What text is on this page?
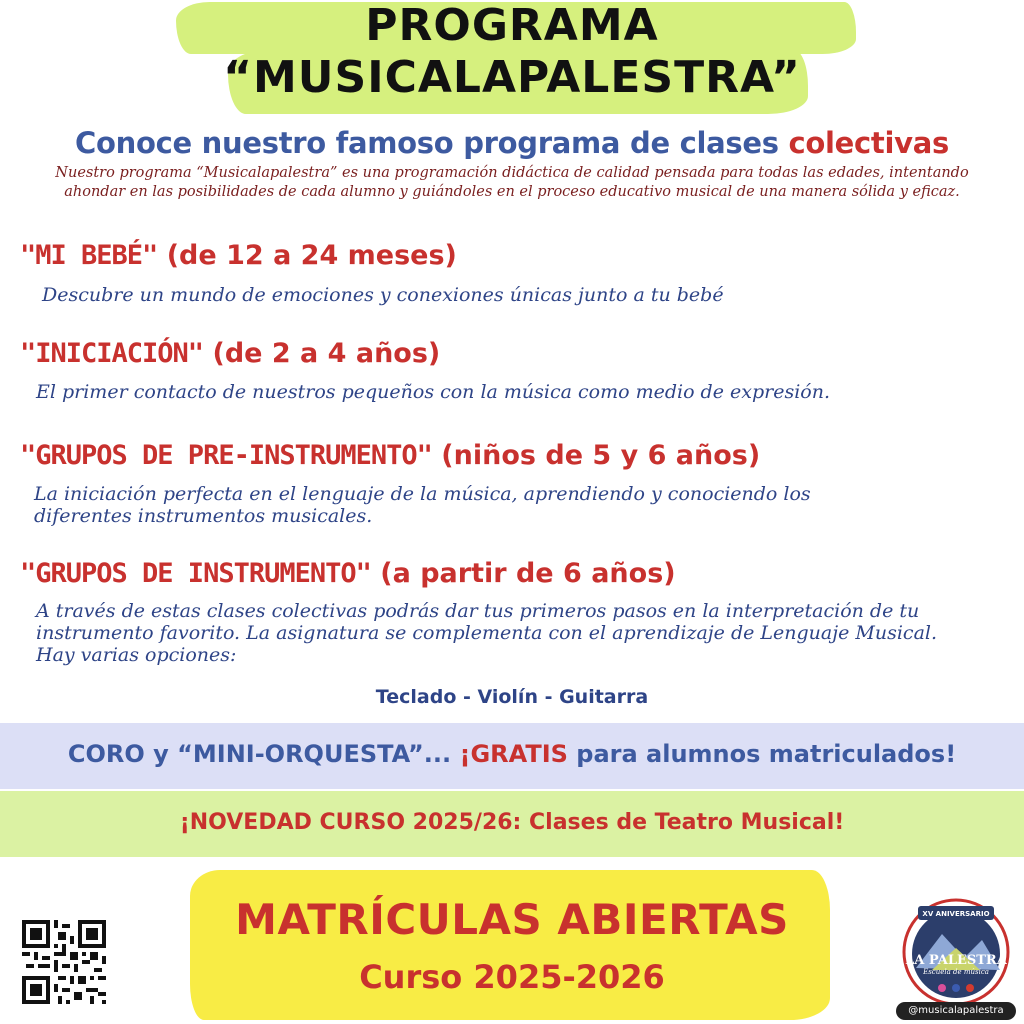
PROGRAMA
“MUSICALAPALESTRA”
Conoce nuestro famoso programa de clases colectivas
Nuestro programa “Musicalapalestra” es una programación didáctica de calidad pensada para todas las edades, intentando ahondar en las posibilidades de cada alumno y guiándoles en el proceso educativo musical de una manera sólida y eficaz.
"MI BEBÉ" (de 12 a 24 meses)
Descubre un mundo de emociones y conexiones únicas junto a tu bebé
"INICIACIÓN" (de 2 a 4 años)
El primer contacto de nuestros pequeños con la música como medio de expresión.
"GRUPOS DE PRE-INSTRUMENTO" (niños de 5 y 6 años)
La iniciación perfecta en el lenguaje de la música, aprendiendo y conociendo los diferentes instrumentos musicales.
"GRUPOS DE INSTRUMENTO" (a partir de 6 años)
A través de estas clases colectivas podrás dar tus primeros pasos en la interpretación de tu instrumento favorito. La asignatura se complementa con el aprendizaje de Lenguaje Musical. Hay varias opciones:
Teclado - Violín - Guitarra
CORO y “MINI-ORQUESTA”... ¡GRATIS para alumnos matriculados!
¡NOVEDAD CURSO 2025/26: Clases de Teatro Musical!
MATRÍCULAS ABIERTAS
Curso 2025-2026
XV ANIVERSARIO
LA PALESTRA
Escuela de música
@musicalapalestra
